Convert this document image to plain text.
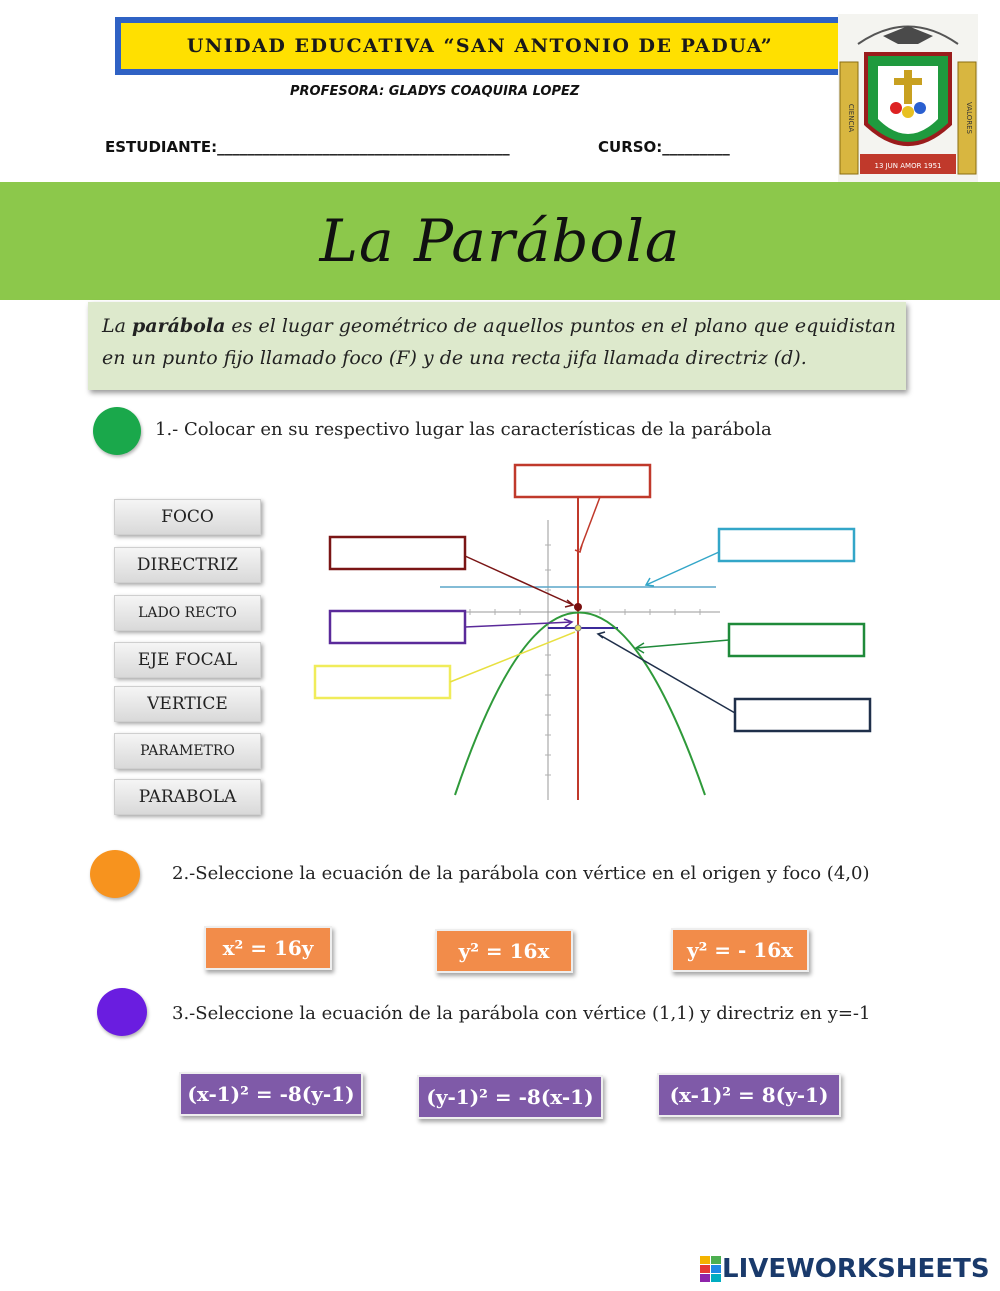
UNIDAD EDUCATIVA “SAN ANTONIO DE PADUA”
PROFESORA: GLADYS COAQUIRA LOPEZ
ESTUDIANTE:_______________________________________	CURSO:_________
13 JUN AMOR 1951
CIENCIA	VALORES
La Parábola
La parábola es el lugar geométrico de aquellos puntos en el plano que equidistan en un punto fijo llamado foco (F) y de una recta jifa llamada directriz (d).
1.- Colocar en su respectivo lugar las características de la parábola
FOCO
DIRECTRIZ
LADO RECTO
EJE FOCAL
VERTICE
PARAMETRO
PARABOLA
2.-Seleccione la ecuación de la parábola con vértice en el origen y foco (4,0)
x² = 16y	y² = 16x	y² = - 16x
3.-Seleccione la ecuación de la parábola con vértice (1,1) y directriz en y=-1
(x-1)² = -8(y-1)	(y-1)² = -8(x-1)	(x-1)² = 8(y-1)
LIVEWORKSHEETS
